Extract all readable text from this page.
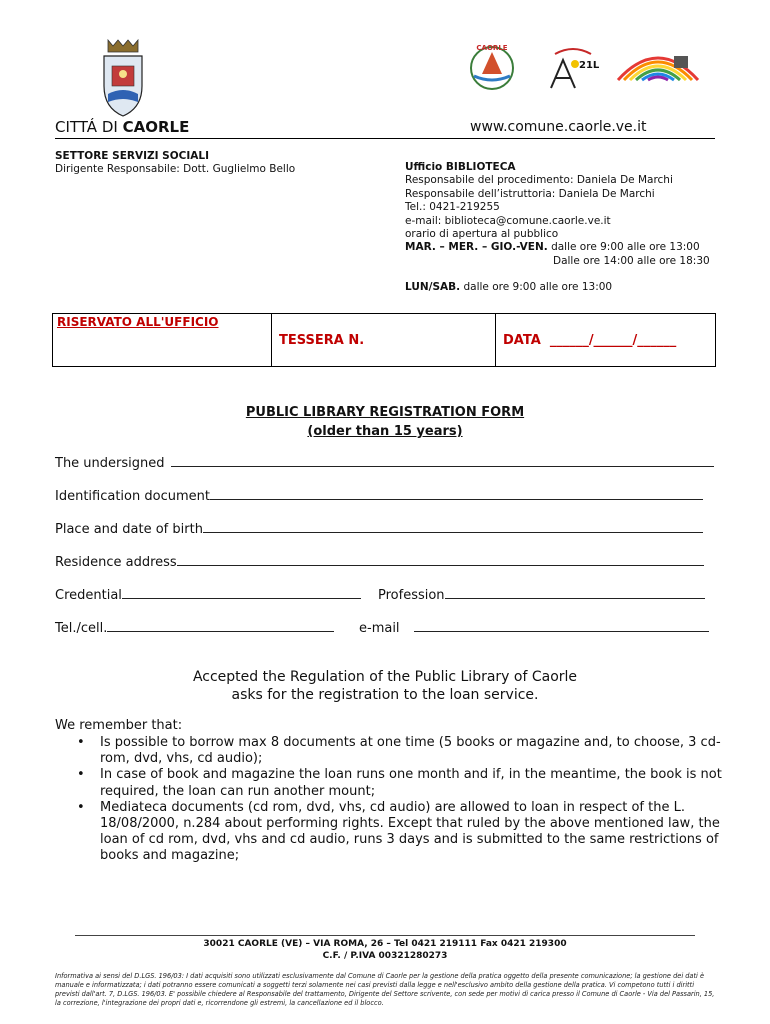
CAORLE
21L
CITTÁ DI CAORLE	www.comune.caorle.ve.it
SETTORE SERVIZI SOCIALI
Dirigente Responsabile: Dott. Guglielmo Bello	Ufficio BIBLIOTECA
Responsabile del procedimento: Daniela De Marchi
Responsabile dell’istruttoria: Daniela De Marchi
Tel.: 0421-219255
e-mail: biblioteca@comune.caorle.ve.it
orario di apertura al pubblico
MAR. – MER. – GIO.-VEN. dalle ore 9:00 alle ore 13:00
Dalle ore 14:00 alle ore 18:30
LUN/SAB. dalle ore 9:00 alle ore 13:00
RISERVATO ALL'UFFICIO
TESSERA N.	DATA  ______/______/______
PUBLIC LIBRARY REGISTRATION FORM
(older than 15 years)
The undersigned
Identification document
Place and date of birth
Residence address
Credential	Profession
Tel./cell.	e-mail
Accepted the Regulation of the Public Library of Caorle
asks for the registration to the loan service.
We remember that:
• Is possible to borrow max 8 documents at one time (5 books or magazine and, to choose, 3 cd-rom, dvd, vhs, cd audio);
• In case of book and magazine the loan runs one month and if, in the meantime, the book is not required, the loan can run another mount;
• Mediateca documents (cd rom, dvd, vhs, cd audio) are allowed to loan in respect of the L. 18/08/2000, n.284 about performing rights. Except that ruled by the above mentioned law, the loan of cd rom, dvd, vhs and cd audio, runs 3 days and is submitted to the same restrictions of books and magazine;
30021 CAORLE (VE) – VIA ROMA, 26 – Tel 0421 219111 Fax 0421 219300
C.F. / P.IVA 00321280273
Informativa ai sensi del D.LGS. 196/03: I dati acquisiti sono utilizzati esclusivamente dal Comune di Caorle per la gestione della pratica oggetto della presente comunicazione; la gestione dei dati è manuale e informatizzata; i dati potranno essere comunicati a soggetti terzi solamente nei casi previsti dalla legge e nell'esclusivo ambito della gestione della pratica. Vi competono tutti i diritti previsti dall'art. 7, D.LGS. 196/03. E' possibile chiedere al Responsabile del trattamento, Dirigente del Settore scrivente, con sede per motivi di carica presso il Comune di Caorle - Via del Passarin, 15, la correzione, l'integrazione dei propri dati e, ricorrendone gli estremi, la cancellazione ed il blocco.
